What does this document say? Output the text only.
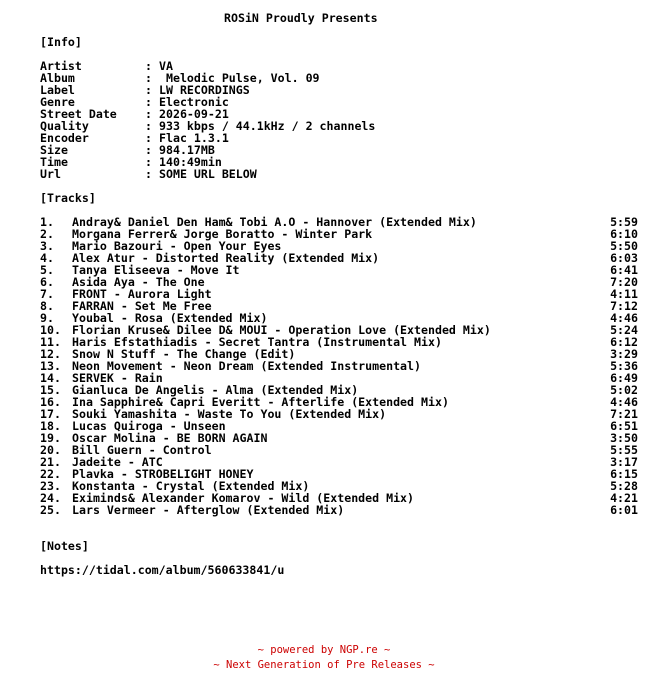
ROSiN Proudly Presents
[Info]
Artist	: VA
Album	: Melodic Pulse, Vol. 09
Label	: LW RECORDINGS
Genre	: Electronic
Street Date : 2026-09-21
Quality	: 933 kbps / 44.1kHz / 2 channels
Encoder	: Flac 1.3.1
Size	: 984.17MB
Time	: 140:49min
Url	: SOME URL BELOW
[Tracks]
1. Andray& Daniel Den Ham& Tobi A.O - Hannover (Extended Mix)	5:59
2. Morgana Ferrer& Jorge Boratto - Winter Park	6:10
3. Mario Bazouri - Open Your Eyes	5:50
4. Alex Atur - Distorted Reality (Extended Mix)	6:03
5. Tanya Eliseeva - Move It	6:41
6. Asida Aya - The One	7:20
7. FRONT - Aurora Light	4:11
8. FARRAN - Set Me Free	7:12
9. Youbal - Rosa (Extended Mix)	4:46
10. Florian Kruse& Dilee D& MOUI - Operation Love (Extended Mix)	5:24
11. Haris Efstathiadis - Secret Tantra (Instrumental Mix)	6:12
12. Snow N Stuff - The Change (Edit)	3:29
13. Neon Movement - Neon Dream (Extended Instrumental)	5:36
14. SERVEK - Rain	6:49
15. Gianluca De Angelis - Alma (Extended Mix)	5:02
16. Ina Sapphire& Capri Everitt - Afterlife (Extended Mix)	4:46
17. Souki Yamashita - Waste To You (Extended Mix)	7:21
18. Lucas Quiroga - Unseen	6:51
19. Oscar Molina - BE BORN AGAIN	3:50
20. Bill Guern - Control	5:55
21. Jadeite - ATC	3:17
22. Plavka - STROBELIGHT HONEY	6:15
23. Konstanta - Crystal (Extended Mix)	5:28
24. Eximinds& Alexander Komarov - Wild (Extended Mix)	4:21
25. Lars Vermeer - Afterglow (Extended Mix)	6:01
[Notes]
https://tidal.com/album/560633841/u
~ powered by NGP.re ~
~ Next Generation of Pre Releases ~
